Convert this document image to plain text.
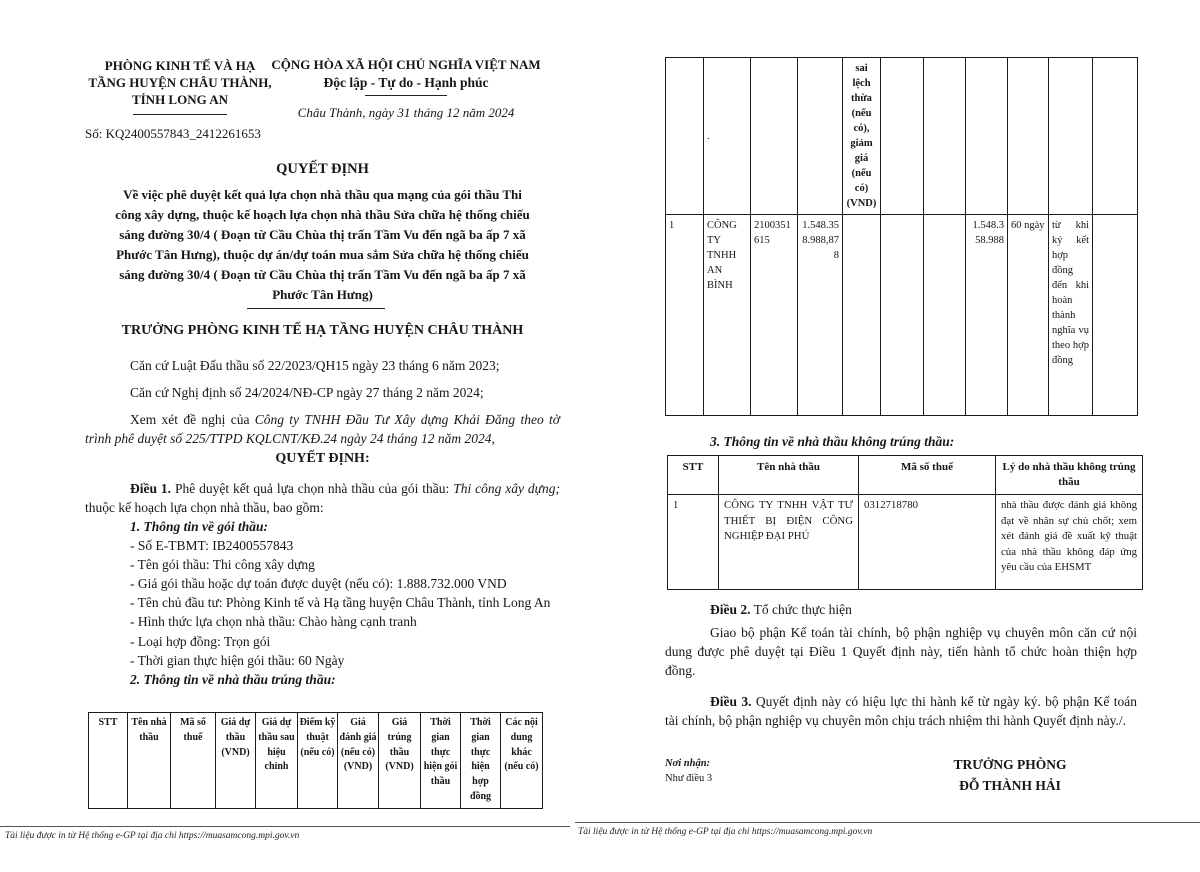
PHÒNG KINH TẾ VÀ HẠ TẦNG HUYỆN CHÂU THÀNH, TỈNH LONG AN
Số: KQ2400557843_2412261653
CỘNG HÒA XÃ HỘI CHỦ NGHĨA VIỆT NAM
Độc lập - Tự do - Hạnh phúc
Châu Thành, ngày 31 tháng 12 năm 2024
QUYẾT ĐỊNH
Về việc phê duyệt kết quả lựa chọn nhà thầu qua mạng của gói thầu Thi
công xây dựng, thuộc kế hoạch lựa chọn nhà thầu Sửa chữa hệ thống chiếu
sáng đường 30/4 ( Đoạn từ Cầu Chùa thị trấn Tầm Vu đến ngã ba ấp 7 xã
Phước Tân Hưng), thuộc dự án/dự toán mua sắm Sửa chữa hệ thống chiếu
sáng đường 30/4 ( Đoạn từ Cầu Chùa thị trấn Tầm Vu đến ngã ba ấp 7 xã
Phước Tân Hưng)
TRƯỞNG PHÒNG KINH TẾ HẠ TẦNG HUYỆN CHÂU THÀNH

Căn cứ Luật Đấu thầu số 22/2023/QH15 ngày 23 tháng 6 năm 2023;

Căn cứ Nghị định số 24/2024/NĐ-CP ngày 27 tháng 2 năm 2024;

Xem xét đề nghị của Công ty TNHH Đầu Tư Xây dựng Khải Đăng theo tờ trình phê duyệt số 225/TTPD KQLCNT/KĐ.24 ngày 24 tháng 12 năm 2024,

QUYẾT ĐỊNH:
Điều 1. Phê duyệt kết quả lựa chọn nhà thầu của gói thầu: Thi công xây dựng; thuộc kế hoạch lựa chọn nhà thầu, bao gồm:
1. Thông tin về gói thầu:
- Số E-TBMT: IB2400557843
- Tên gói thầu: Thi công xây dựng
- Giá gói thầu hoặc dự toán được duyệt (nếu có): 1.888.732.000 VND
- Tên chủ đầu tư: Phòng Kinh tế và Hạ tầng huyện Châu Thành, tỉnh Long An
- Hình thức lựa chọn nhà thầu: Chào hàng cạnh tranh
- Loại hợp đồng: Trọn gói
- Thời gian thực hiện gói thầu: 60 Ngày
2. Thông tin về nhà thầu trúng thầu:
STT	Tên nhà thầu	Mã số thuế	Giá dự thầu (VND)	Giá dự thầu sau hiệu chỉnh	Điểm kỹ thuật (nếu có)	Giá đánh giá (nếu có) (VND)	Giá trúng thầu (VND)	Thời gian thực hiện gói thầu	Thời gian thực hiện hợp đồng	Các nội dung khác (nếu có)
Tài liệu được in từ Hệ thống e-GP tại địa chỉ https://muasamcong.mpi.gov.vn
	.			sai lệch thừa (nếu có), giảm giá (nếu có) (VND)						
1	CÔNG TY TNHH AN BÌNH	2100351615	1.548.358.988,878				1.548.358.988	60 ngày	từ khi ký kết hợp đồng đến khi hoàn thành nghĩa vụ theo hợp đồng	
3. Thông tin về nhà thầu không trúng thầu:
STT	Tên nhà thầu	Mã số thuế	Lý do nhà thầu không trúng thầu
1	CÔNG TY TNHH VẬT TƯ THIẾT BỊ ĐIỆN CÔNG NGHIỆP ĐẠI PHÚ	0312718780	nhà thầu được đánh giá không đạt về nhân sự chủ chốt; xem xét đánh giá đề xuất kỹ thuật của nhà thầu không đáp ứng yêu cầu của EHSMT
Điều 2. Tổ chức thực hiện
Giao bộ phận Kế toán tài chính, bộ phận nghiệp vụ chuyên môn căn cứ nội dung được phê duyệt tại Điều 1 Quyết định này, tiến hành tổ chức hoàn thiện hợp đồng.
Điều 3. Quyết định này có hiệu lực thi hành kể từ ngày ký. bộ phận Kế toán tài chính, bộ phận nghiệp vụ chuyên môn chịu trách nhiệm thi hành Quyết định này./.
Nơi nhận:
Như điều 3
TRƯỞNG PHÒNG
ĐỖ THÀNH HẢI
Tài liệu được in từ Hệ thống e-GP tại địa chỉ https://muasamcong.mpi.gov.vn
